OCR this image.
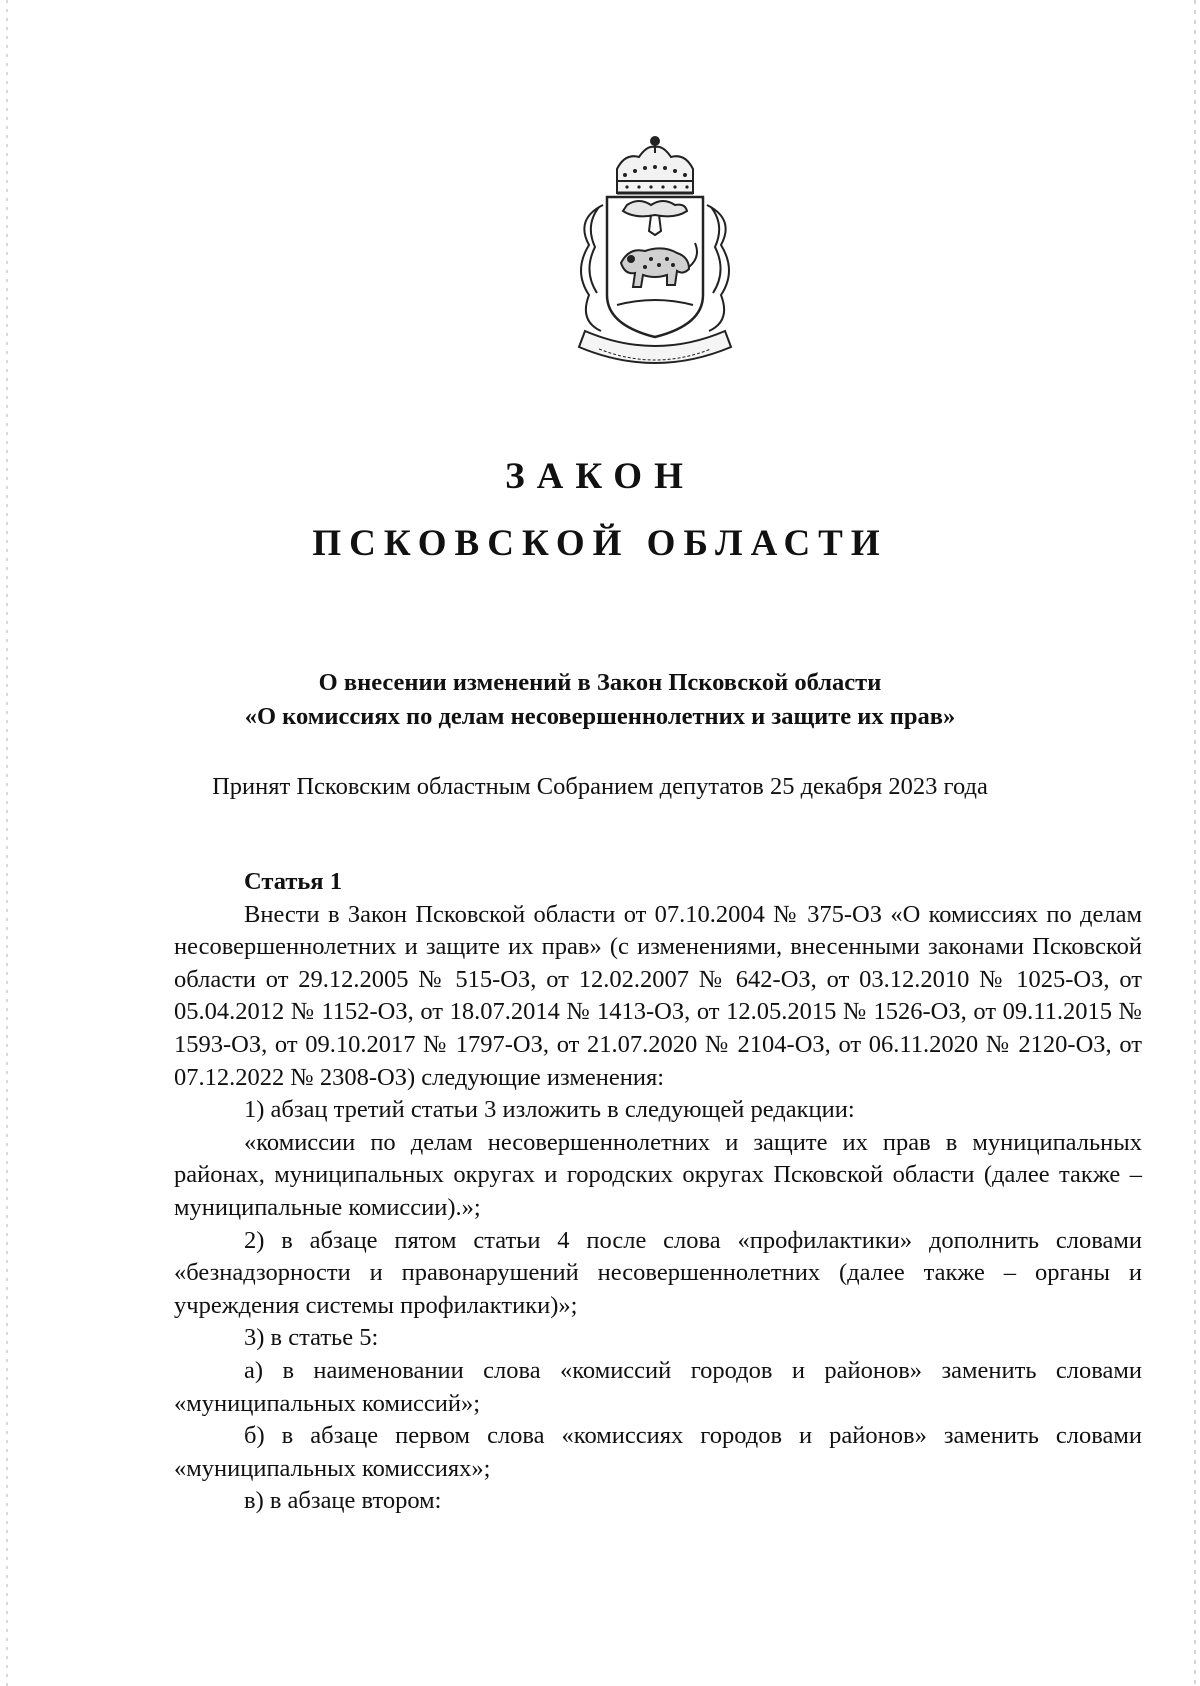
ЗАКОН
ПСКОВСКОЙ ОБЛАСТИ
О внесении изменений в Закон Псковской области
«О комиссиях по делам несовершеннолетних и защите их прав»
Принят Псковским областным Собранием депутатов 25 декабря 2023 года
Статья 1

Внести в Закон Псковской области от 07.10.2004 № 375-ОЗ «О комиссиях по делам несовершеннолетних и защите их прав» (с изменениями, внесенными законами Псковской области от 29.12.2005 № 515-ОЗ, от 12.02.2007 № 642-ОЗ, от 03.12.2010 № 1025-ОЗ, от 05.04.2012 № 1152-ОЗ, от 18.07.2014 № 1413-ОЗ, от 12.05.2015 № 1526-ОЗ, от 09.11.2015 № 1593-ОЗ, от 09.10.2017 № 1797-ОЗ, от 21.07.2020 № 2104-ОЗ, от 06.11.2020 № 2120-ОЗ, от 07.12.2022 № 2308-ОЗ) следующие изменения:

1) абзац третий статьи 3 изложить в следующей редакции:

«комиссии по делам несовершеннолетних и защите их прав в муниципальных районах, муниципальных округах и городских округах Псковской области (далее также – муниципальные комиссии).»;

2) в абзаце пятом статьи 4 после слова «профилактики» дополнить словами «безнадзорности и правонарушений несовершеннолетних (далее также – органы и учреждения системы профилактики)»;

3) в статье 5:

а) в наименовании слова «комиссий городов и районов» заменить словами «муниципальных комиссий»;

б) в абзаце первом слова «комиссиях городов и районов» заменить словами «муниципальных комиссиях»;

в) в абзаце втором:
